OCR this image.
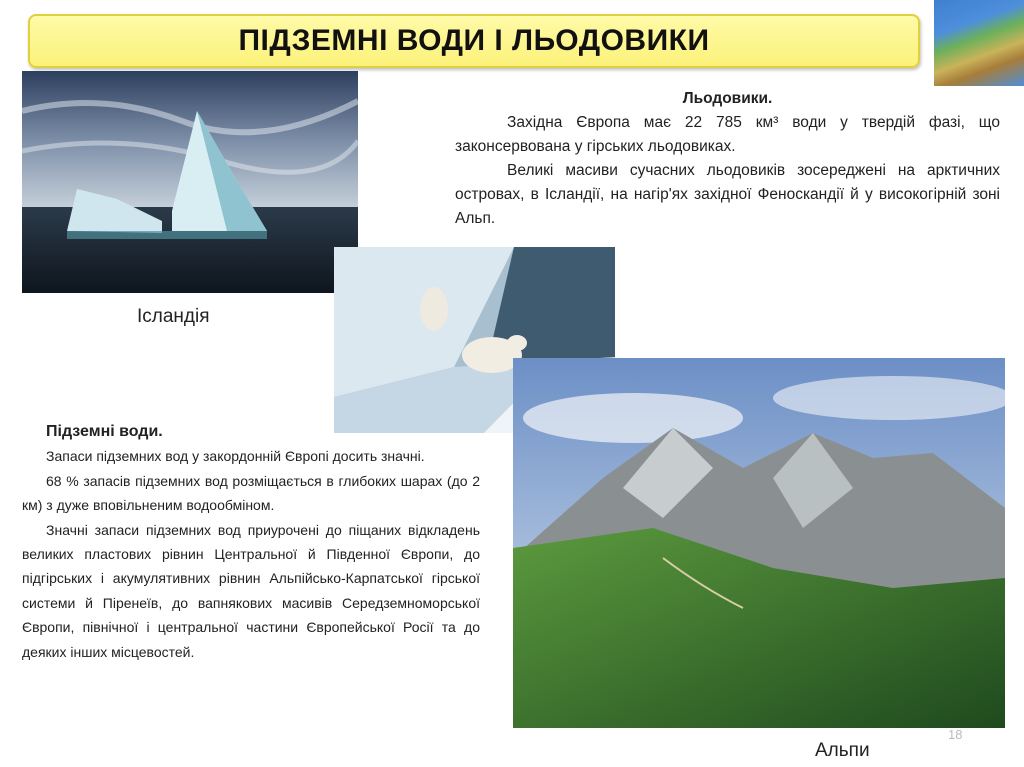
ПІДЗЕМНІ ВОДИ І ЛЬОДОВИКИ
Ісландія
Альпи
Льодовики.

Західна Європа має 22 785 км³ води у твердій фазі, що законсервована у гірських льодовиках.

Великі масиви сучасних льодовиків зосереджені на арктичних островах, в Ісландії, на нагір'ях західної Феноскандії й у високогірній зоні Альп.

Підземні води.

Запаси підземних вод у закордонній Європі досить значні.

68 % запасів підземних вод розміщається в глибоких шарах (до 2 км) з дуже вповільненим водообміном.

Значні запаси підземних вод приурочені до піщаних відкладень великих пластових рівнин Центральної й Південної Європи, до підгірських і акумулятивних рівнин Альпійсько-Карпатської гірської системи й Піренеїв, до вапнякових масивів Середземноморської Європи, північної і центральної частини Європейської Росії та до деяких інших місцевостей.

18
